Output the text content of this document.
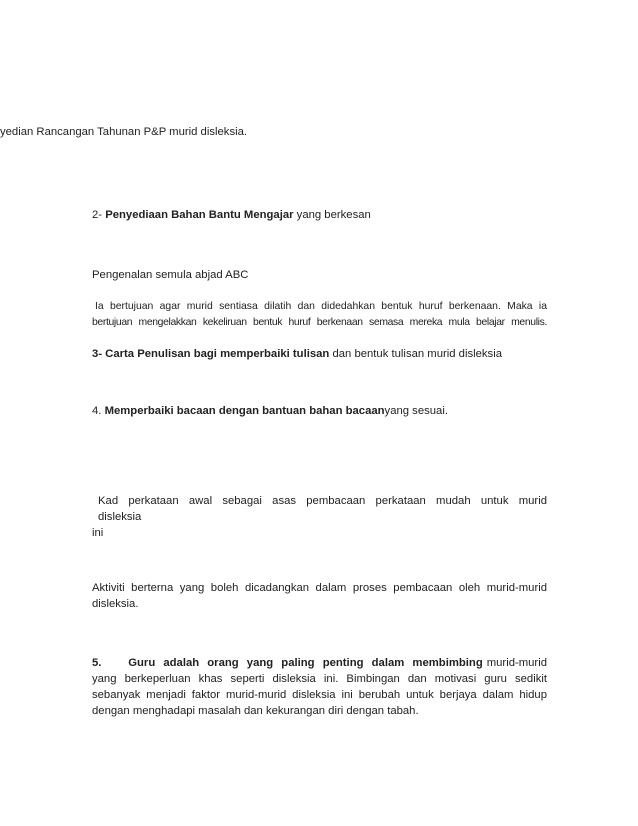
yedian Rancangan Tahunan P&P murid disleksia.
2- Penyediaan Bahan Bantu Mengajar yang berkesan
Pengenalan semula abjad ABC
Ia bertujuan agar murid sentiasa dilatih dan didedahkan bentuk huruf berkenaan. Maka ia
bertujuan mengelakkan kekeliruan bentuk huruf berkenaan semasa mereka mula belajar menulis.
3- Carta Penulisan bagi memperbaiki tulisan dan bentuk tulisan murid disleksia
4. Memperbaiki bacaan dengan bantuan bahan bacaanyang sesuai.
Kad perkataan awal sebagai asas pembacaan perkataan mudah untuk murid disleksia
ini
Aktiviti berterna yang boleh dicadangkan dalam proses pembacaan oleh murid-murid
disleksia.
5. Guru adalah orang yang paling penting dalam membimbing murid-murid
yang berkeperluan khas seperti disleksia ini. Bimbingan dan motivasi guru sedikit
sebanyak menjadi faktor murid-murid disleksia ini berubah untuk berjaya dalam hidup
dengan menghadapi masalah dan kekurangan diri dengan tabah.
